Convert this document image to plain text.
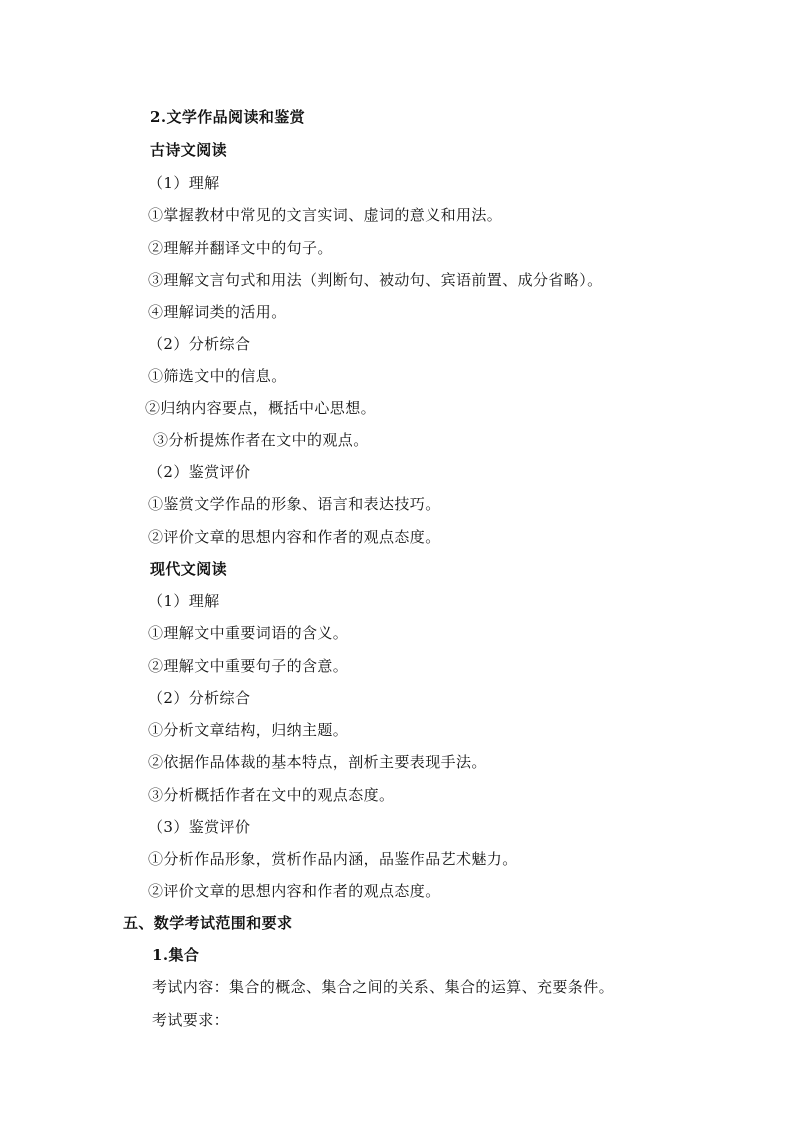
2.文学作品阅读和鉴赏
古诗文阅读
（1）理解
①掌握教材中常见的文言实词、虚词的意义和用法。
②理解并翻译文中的句子。
③理解文言句式和用法（判断句、被动句、宾语前置、成分省略）。
④理解词类的活用。
（2）分析综合
①筛选文中的信息。
②归纳内容要点，概括中心思想。
③分析提炼作者在文中的观点。
（2）鉴赏评价
①鉴赏文学作品的形象、语言和表达技巧。
②评价文章的思想内容和作者的观点态度。
现代文阅读
（1）理解
①理解文中重要词语的含义。
②理解文中重要句子的含意。
（2）分析综合
①分析文章结构，归纳主题。
②依据作品体裁的基本特点，剖析主要表现手法。
③分析概括作者在文中的观点态度。
（3）鉴赏评价
①分析作品形象，赏析作品内涵，品鉴作品艺术魅力。
②评价文章的思想内容和作者的观点态度。
五、数学考试范围和要求
1.集合
考试内容：集合的概念、集合之间的关系、集合的运算、充要条件。
考试要求：
